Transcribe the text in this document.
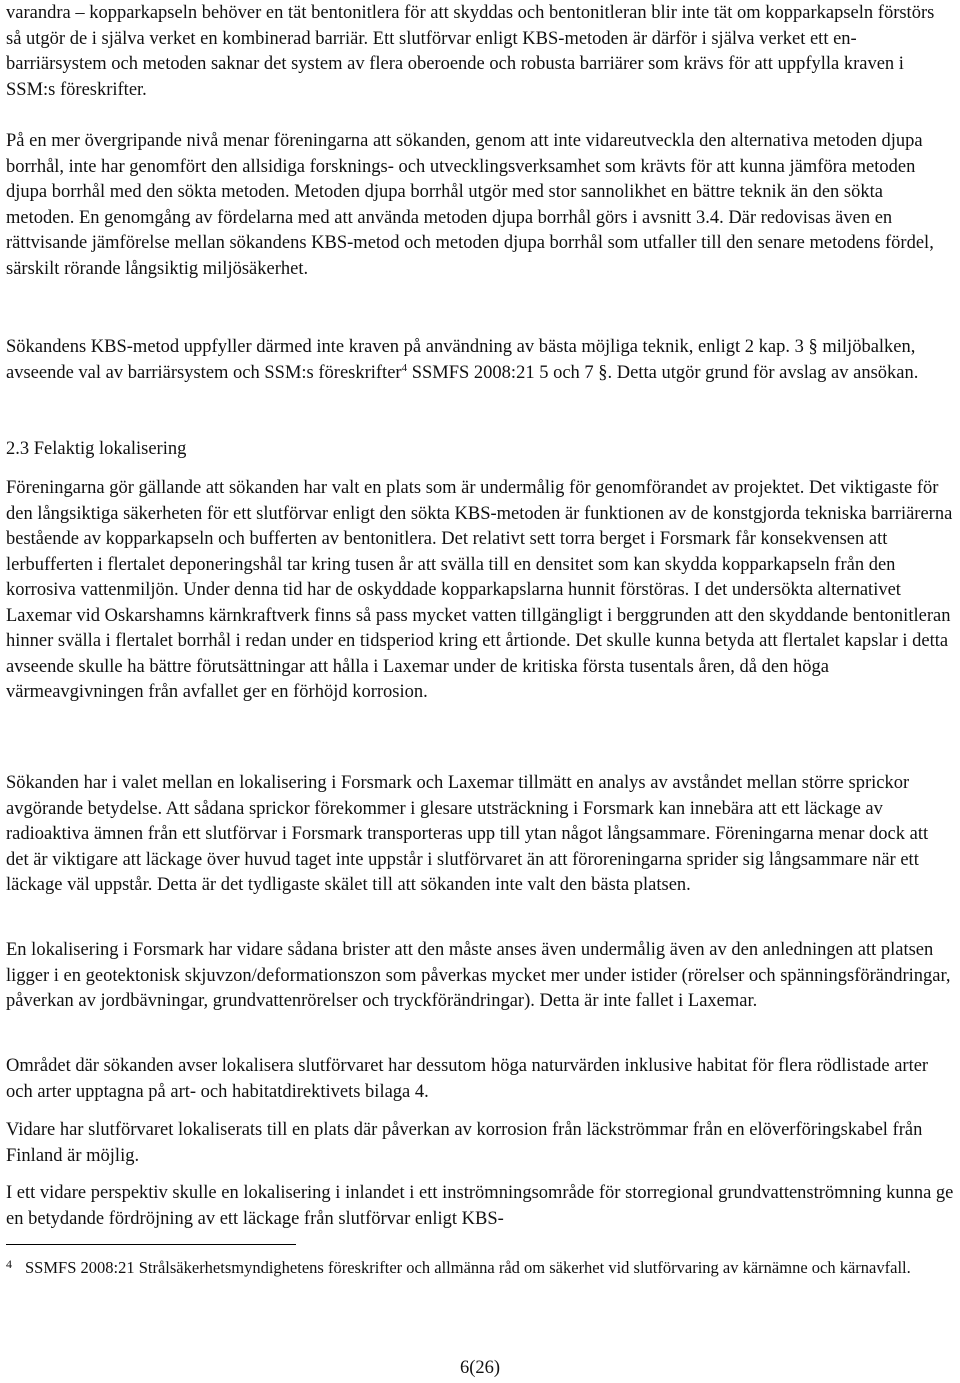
varandra – kopparkapseln behöver en tät bentonitlera för att skyddas och bentonitleran blir inte tät om kopparkapseln förstörs så utgör de i själva verket en kombinerad barriär. Ett slutförvar enligt KBS-metoden är därför i själva verket ett en-barriärsystem och metoden saknar det system av flera oberoende och robusta barriärer som krävs för att uppfylla kraven i SSM:s föreskrifter.

På en mer övergripande nivå menar föreningarna att sökanden, genom att inte vidareutveckla den alternativa metoden djupa borrhål, inte har genomfört den allsidiga forsknings- och utvecklingsverksamhet som krävts för att kunna jämföra metoden djupa borrhål med den sökta metoden. Metoden djupa borrhål utgör med stor sannolikhet en bättre teknik än den sökta metoden. En genomgång av fördelarna med att använda metoden djupa borrhål görs i avsnitt 3.4. Där redovisas även en rättvisande jämförelse mellan sökandens KBS-metod och metoden djupa borrhål som utfaller till den senare metodens fördel, särskilt rörande långsiktig miljösäkerhet.

Sökandens KBS-metod uppfyller därmed inte kraven på användning av bästa möjliga teknik, enligt 2 kap. 3 § miljöbalken, avseende val av barriärsystem och SSM:s föreskrifter$^4$ SSMFS 2008:21 5 och 7 §. Detta utgör grund för avslag av ansökan.

2.3 Felaktig lokalisering

Föreningarna gör gällande att sökanden har valt en plats som är undermålig för genomförandet av projektet. Det viktigaste för den långsiktiga säkerheten för ett slutförvar enligt den sökta KBS-metoden är funktionen av de konstgjorda tekniska barriärerna bestående av kopparkapseln och bufferten av bentonitlera. Det relativt sett torra berget i Forsmark får konsekvensen att lerbufferten i flertalet deponeringshål tar kring tusen år att svälla till en densitet som kan skydda kopparkapseln från den korrosiva vattenmiljön. Under denna tid har de oskyddade kopparkapslarna hunnit förstöras. I det undersökta alternativet Laxemar vid Oskarshamns kärnkraftverk finns så pass mycket vatten tillgängligt i berggrunden att den skyddande bentonitleran hinner svälla i flertalet borrhål i redan under en tidsperiod kring ett årtionde. Det skulle kunna betyda att flertalet kapslar i detta avseende skulle ha bättre förutsättningar att hålla i Laxemar under de kritiska första tusentals åren, då den höga värmeavgivningen från avfallet ger en förhöjd korrosion.

Sökanden har i valet mellan en lokalisering i Forsmark och Laxemar tillmätt en analys av avståndet mellan större sprickor avgörande betydelse. Att sådana sprickor förekommer i glesare utsträckning i Forsmark kan innebära att ett läckage av radioaktiva ämnen från ett slutförvar i Forsmark transporteras upp till ytan något långsammare. Föreningarna menar dock att det är viktigare att läckage över huvud taget inte uppstår i slutförvaret än att föroreningarna sprider sig långsammare när ett läckage väl uppstår. Detta är det tydligaste skälet till att sökanden inte valt den bästa platsen.

En lokalisering i Forsmark har vidare sådana brister att den måste anses även undermålig även av den anledningen att platsen ligger i en geotektonisk skjuvzon/deformationszon som påverkas mycket mer under istider (rörelser och spänningsförändringar, påverkan av jordbävningar, grundvattenrörelser och tryckförändringar). Detta är inte fallet i Laxemar.

Området där sökanden avser lokalisera slutförvaret har dessutom höga naturvärden inklusive habitat för flera rödlistade arter och arter upptagna på art- och habitatdirektivets bilaga 4.

Vidare har slutförvaret lokaliserats till en plats där påverkan av korrosion från läckströmmar från en elöverföringskabel från Finland är möjlig.

I ett vidare perspektiv skulle en lokalisering i inlandet i ett inströmningsområde för storregional grundvattenströmning kunna ge en betydande fördröjning av ett läckage från slutförvar enligt KBS-

4 SSMFS 2008:21 Strålsäkerhetsmyndighetens föreskrifter och allmänna råd om säkerhet vid slutförvaring av kärnämne och kärnavfall.
6(26)
